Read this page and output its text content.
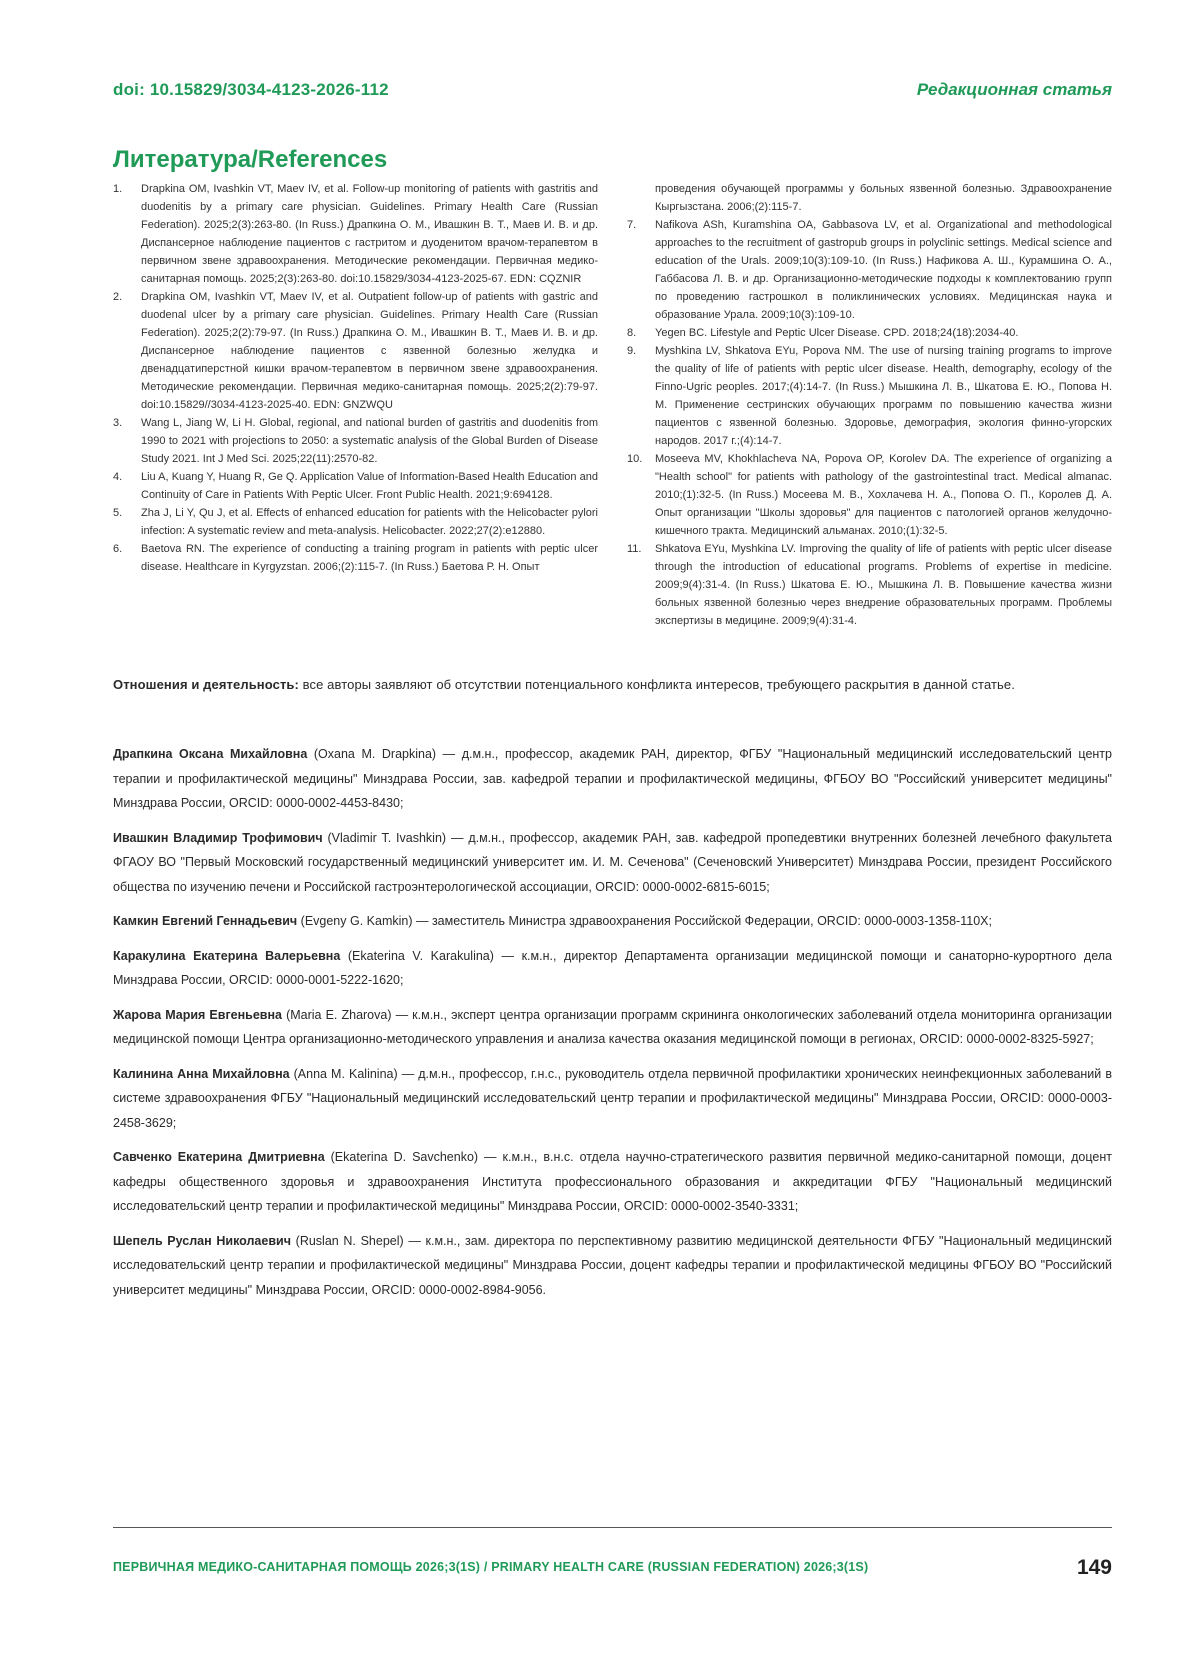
doi: 10.15829/3034-4123-2026-112	Редакционная статья
Литература/References
1.	Drapkina OM, Ivashkin VT, Maev IV, et al. Follow-up monitoring of patients with gastritis and duodenitis by a primary care physician. Guidelines. Primary Health Care (Russian Federation). 2025;2(3):263-80. (In Russ.) Драпкина О. М., Ивашкин В. Т., Маев И. В. и др. Диспансерное наблюдение пациентов с гастритом и дуоденитом врачом-терапевтом в первичном звене здравоохранения. Методические рекомендации. Первичная медико-санитарная помощь. 2025;2(3):263-80. doi:10.15829/3034-4123-2025-67. EDN: CQZNIR
2.	Drapkina OM, Ivashkin VT, Maev IV, et al. Outpatient follow-up of patients with gastric and duodenal ulcer by a primary care physician. Guidelines. Primary Health Care (Russian Federation). 2025;2(2):79-97. (In Russ.) Драпкина О. М., Ивашкин В. Т., Маев И. В. и др. Диспансерное наблюдение пациентов с язвенной болезнью желудка и двенадцатиперстной кишки врачом-терапевтом в первичном звене здравоохранения. Методические рекомендации. Первичная медико-санитарная помощь. 2025;2(2):79-97. doi:10.15829//3034-4123-2025-40. EDN: GNZWQU
3.	Wang L, Jiang W, Li H. Global, regional, and national burden of gastritis and duodenitis from 1990 to 2021 with projections to 2050: a systematic analysis of the Global Burden of Disease Study 2021. Int J Med Sci. 2025;22(11):2570-82.
4.	Liu A, Kuang Y, Huang R, Ge Q. Application Value of Information-Based Health Education and Continuity of Care in Patients With Peptic Ulcer. Front Public Health. 2021;9:694128.
5.	Zha J, Li Y, Qu J, et al. Effects of enhanced education for patients with the Helicobacter pylori infection: A systematic review and meta-analysis. Helicobacter. 2022;27(2):e12880.
6.	Baetova RN. The experience of conducting a training program in patients with peptic ulcer disease. Healthcare in Kyrgyzstan. 2006;(2):115-7. (In Russ.) Баетова Р. Н. Опыт
проведения обучающей программы у больных язвенной болезнью. Здравоохранение Кыргызстана. 2006;(2):115-7.
7.	Nafikova ASh, Kuramshina OA, Gabbasova LV, et al. Organizational and methodological approaches to the recruitment of gastropub groups in polyclinic settings. Medical science and education of the Urals. 2009;10(3):109-10. (In Russ.) Нафикова А. Ш., Курамшина О. А., Габбасова Л. В. и др. Организационно-методические подходы к комплектованию групп по проведению гастрошкол в поликлинических условиях. Медицинская наука и образование Урала. 2009;10(3):109-10.
8.	Yegen BC. Lifestyle and Peptic Ulcer Disease. CPD. 2018;24(18):2034-40.
9.	Myshkina LV, Shkatova EYu, Popova NM. The use of nursing training programs to improve the quality of life of patients with peptic ulcer disease. Health, demography, ecology of the Finno-Ugric peoples. 2017;(4):14-7. (In Russ.) Мышкина Л. В., Шкатова Е. Ю., Попова Н. М. Применение сестринских обучающих программ по повышению качества жизни пациентов с язвенной болезнью. Здоровье, демография, экология финно-угорских народов. 2017 г.;(4):14-7.
10.	Moseeva MV, Khokhlacheva NA, Popova OP, Korolev DA. The experience of organizing a "Health school" for patients with pathology of the gastrointestinal tract. Medical almanac. 2010;(1):32-5. (In Russ.) Мосеева М. В., Хохлачева Н. А., Попова О. П., Королев Д. А. Опыт организации "Школы здоровья" для пациентов с патологией органов желудочно-кишечного тракта. Медицинский альманах. 2010;(1):32-5.
11.	Shkatova EYu, Myshkina LV. Improving the quality of life of patients with peptic ulcer disease through the introduction of educational programs. Problems of expertise in medicine. 2009;9(4):31-4. (In Russ.) Шкатова Е. Ю., Мышкина Л. В. Повышение качества жизни больных язвенной болезнью через внедрение образовательных программ. Проблемы экспертизы в медицине. 2009;9(4):31-4.
Отношения и деятельность: все авторы заявляют об отсутствии потенциального конфликта интересов, требующего раскрытия в данной статье.
Драпкина Оксана Михайловна (Oxana M. Drapkina) — д.м.н., профессор, академик РАН, директор, ФГБУ "Национальный медицинский исследовательский центр терапии и профилактической медицины" Минздрава России, зав. кафедрой терапии и профилактической медицины, ФГБОУ ВО "Российский университет медицины" Минздрава России, ORCID: 0000-0002-4453-8430;
Ивашкин Владимир Трофимович (Vladimir T. Ivashkin) — д.м.н., профессор, академик РАН, зав. кафедрой пропедевтики внутренних болезней лечебного факультета ФГАОУ ВО "Первый Московский государственный медицинский университет им. И. М. Сеченова" (Сеченовский Университет) Минздрава России, президент Российского общества по изучению печени и Российской гастроэнтерологической ассоциации, ORCID: 0000-0002-6815-6015;
Камкин Евгений Геннадьевич (Evgeny G. Kamkin) — заместитель Министра здравоохранения Российской Федерации, ORCID: 0000-0003-1358-110X;
Каракулина Екатерина Валерьевна (Ekaterina V. Karakulina) — к.м.н., директор Департамента организации медицинской помощи и санаторно-курортного дела Минздрава России, ORCID: 0000-0001-5222-1620;
Жарова Мария Евгеньевна (Maria E. Zharova) — к.м.н., эксперт центра организации программ скрининга онкологических заболеваний отдела мониторинга организации медицинской помощи Центра организационно-методического управления и анализа качества оказания медицинской помощи в регионах, ORCID: 0000-0002-8325-5927;
Калинина Анна Михайловна (Anna M. Kalinina) — д.м.н., профессор, г.н.с., руководитель отдела первичной профилактики хронических неинфекционных заболеваний в системе здравоохранения ФГБУ "Национальный медицинский исследовательский центр терапии и профилактической медицины" Минздрава России, ORCID: 0000-0003-2458-3629;
Савченко Екатерина Дмитриевна (Ekaterina D. Savchenko) — к.м.н., в.н.с. отдела научно-стратегического развития первичной медико-санитарной помощи, доцент кафедры общественного здоровья и здравоохранения Института профессионального образования и аккредитации ФГБУ "Национальный медицинский исследовательский центр терапии и профилактической медицины" Минздрава России, ORCID: 0000-0002-3540-3331;
Шепель Руслан Николаевич (Ruslan N. Shepel) — к.м.н., зам. директора по перспективному развитию медицинской деятельности ФГБУ "Национальный медицинский исследовательский центр терапии и профилактической медицины" Минздрава России, доцент кафедры терапии и профилактической медицины ФГБОУ ВО "Российский университет медицины" Минздрава России, ORCID: 0000-0002-8984-9056.
ПЕРВИЧНАЯ МЕДИКО-САНИТАРНАЯ ПОМОЩЬ 2026;3(1S) / PRIMARY HEALTH CARE (RUSSIAN FEDERATION) 2026;3(1S)	149
